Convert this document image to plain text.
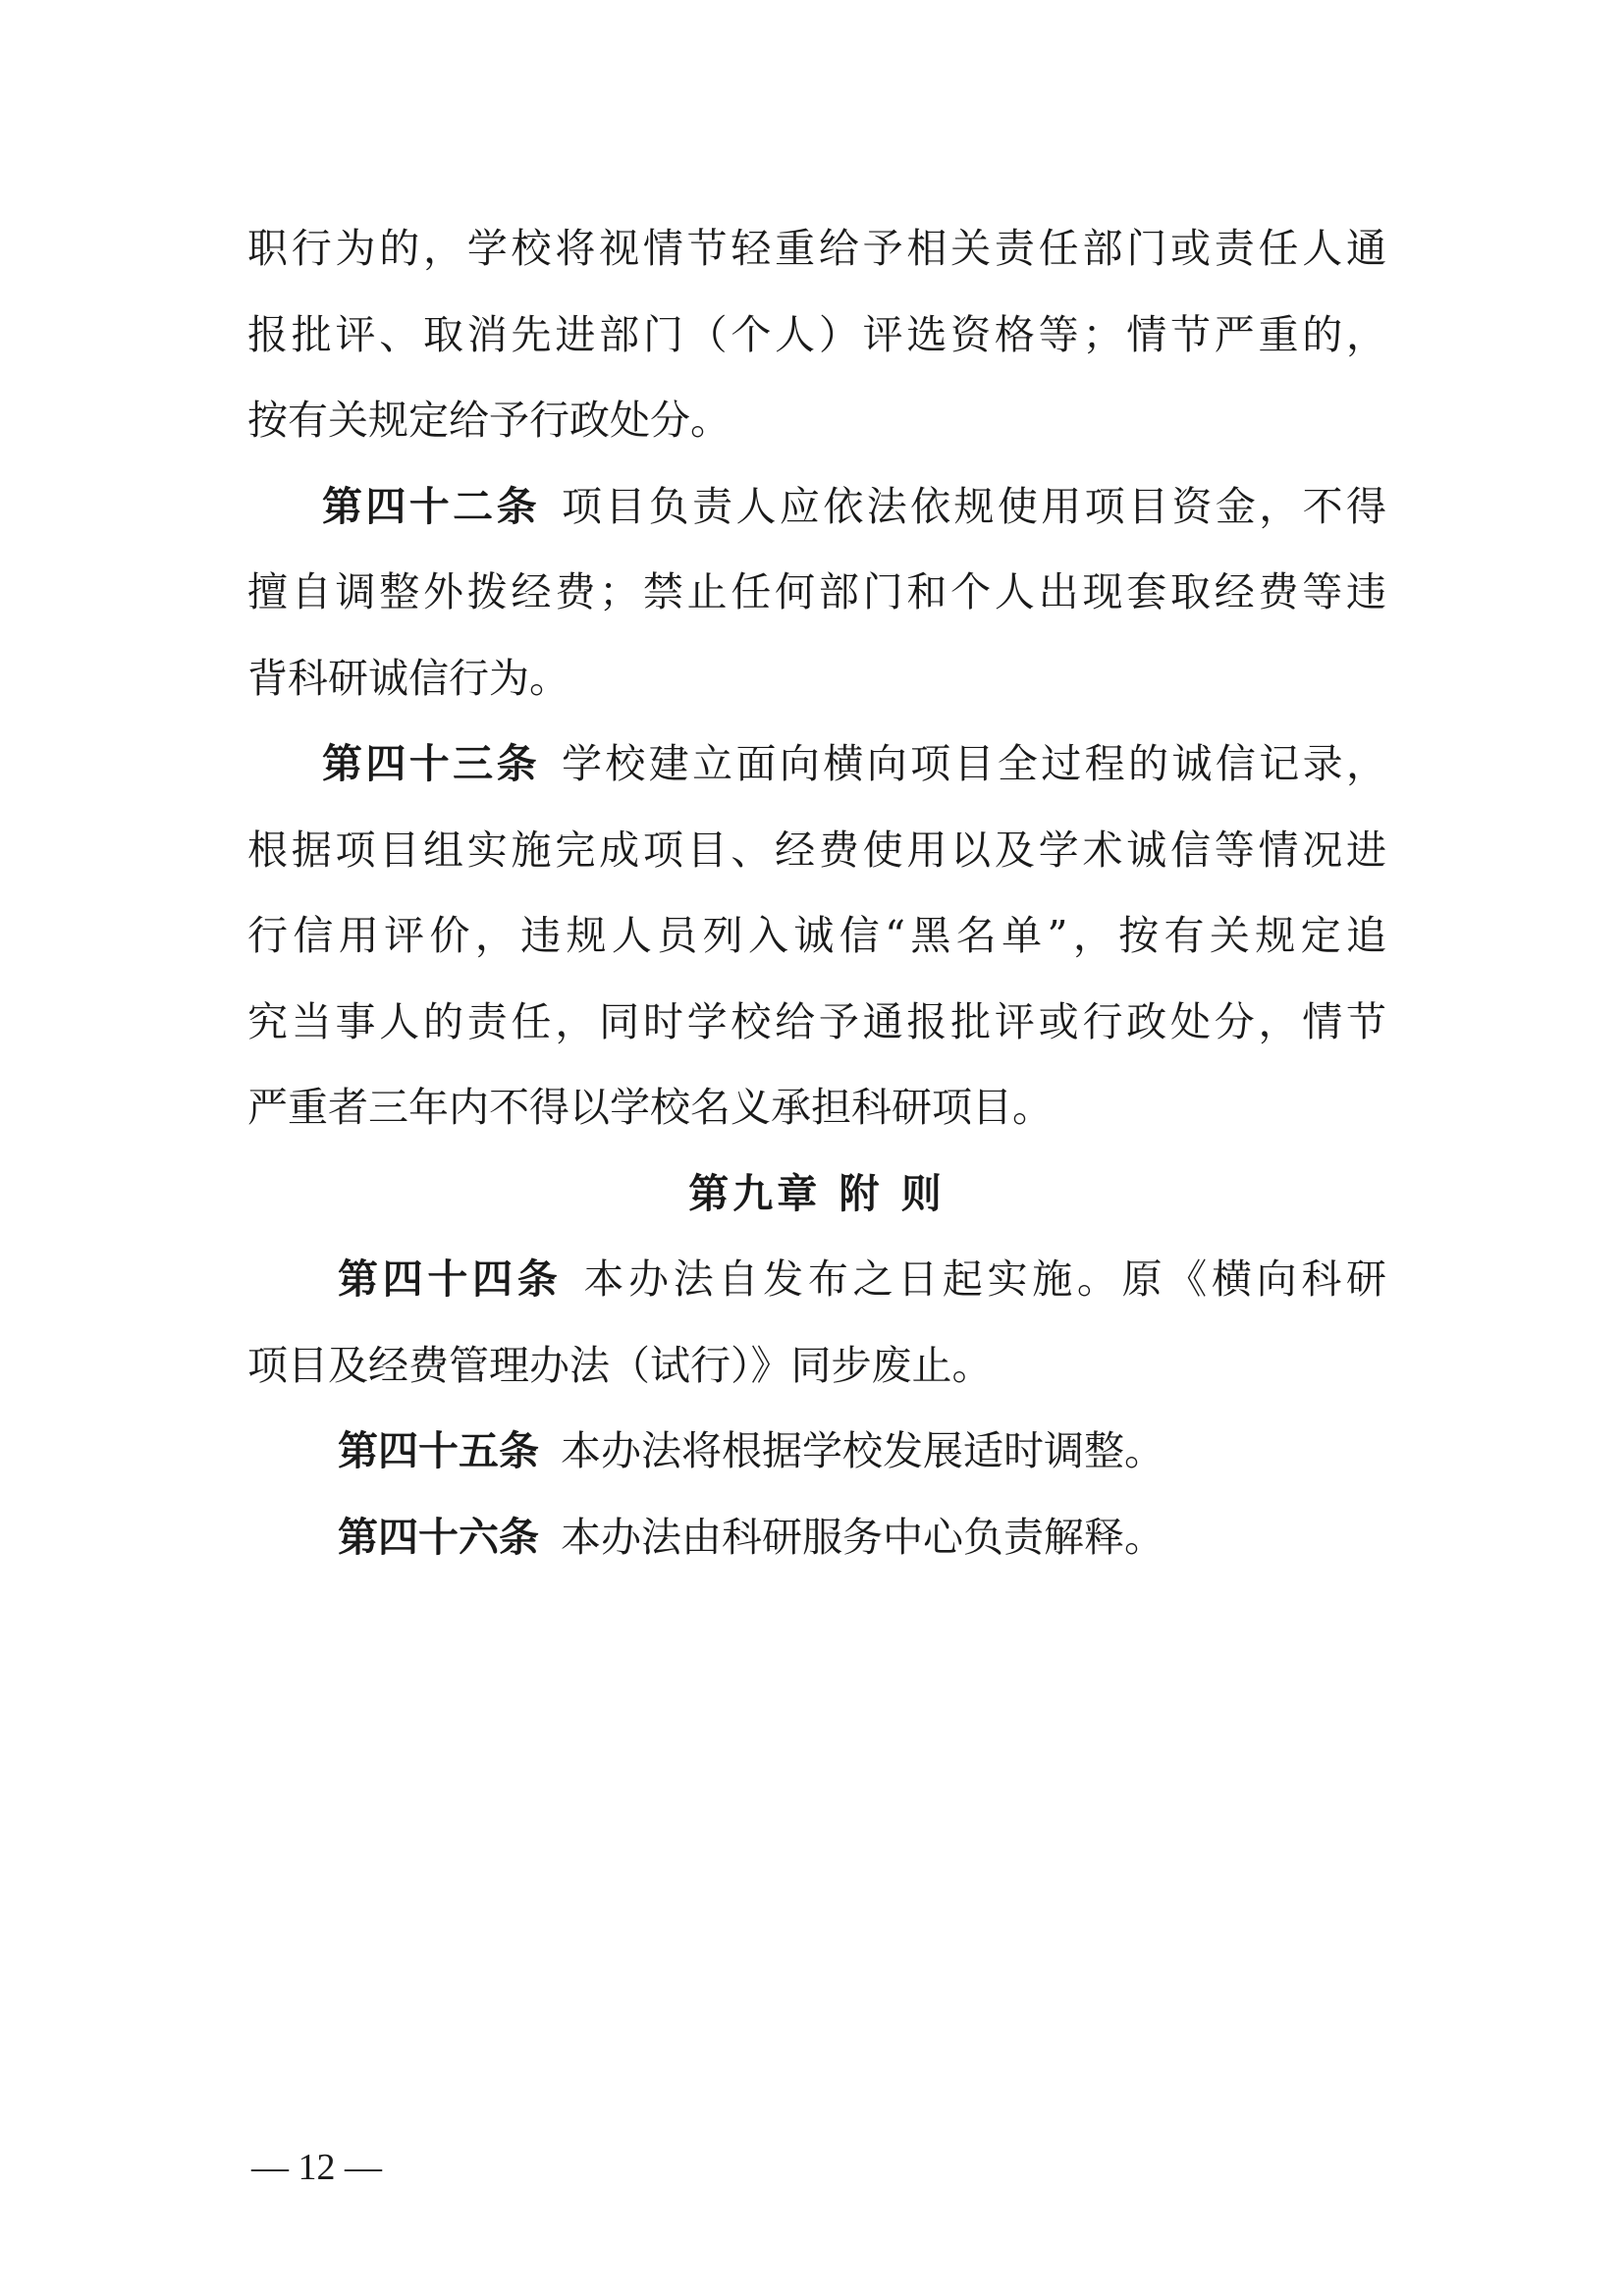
职行为的，学校将视情节轻重给予相关责任部门或责任人通
报批评、取消先进部门（个人）评选资格等；情节严重的，
按有关规定给予行政处分。
第四十二条 项目负责人应依法依规使用项目资金，不得
擅自调整外拨经费；禁止任何部门和个人出现套取经费等违
背科研诚信行为。
第四十三条 学校建立面向横向项目全过程的诚信记录，
根据项目组实施完成项目、经费使用以及学术诚信等情况进
行信用评价，违规人员列入诚信“黑名单”，按有关规定追
究当事人的责任，同时学校给予通报批评或行政处分，情节
严重者三年内不得以学校名义承担科研项目。
第九章 附 则
第四十四条 本办法自发布之日起实施。原《横向科研
项目及经费管理办法（试行）》同步废止。
第四十五条 本办法将根据学校发展适时调整。
第四十六条 本办法由科研服务中心负责解释。
— 12 —
